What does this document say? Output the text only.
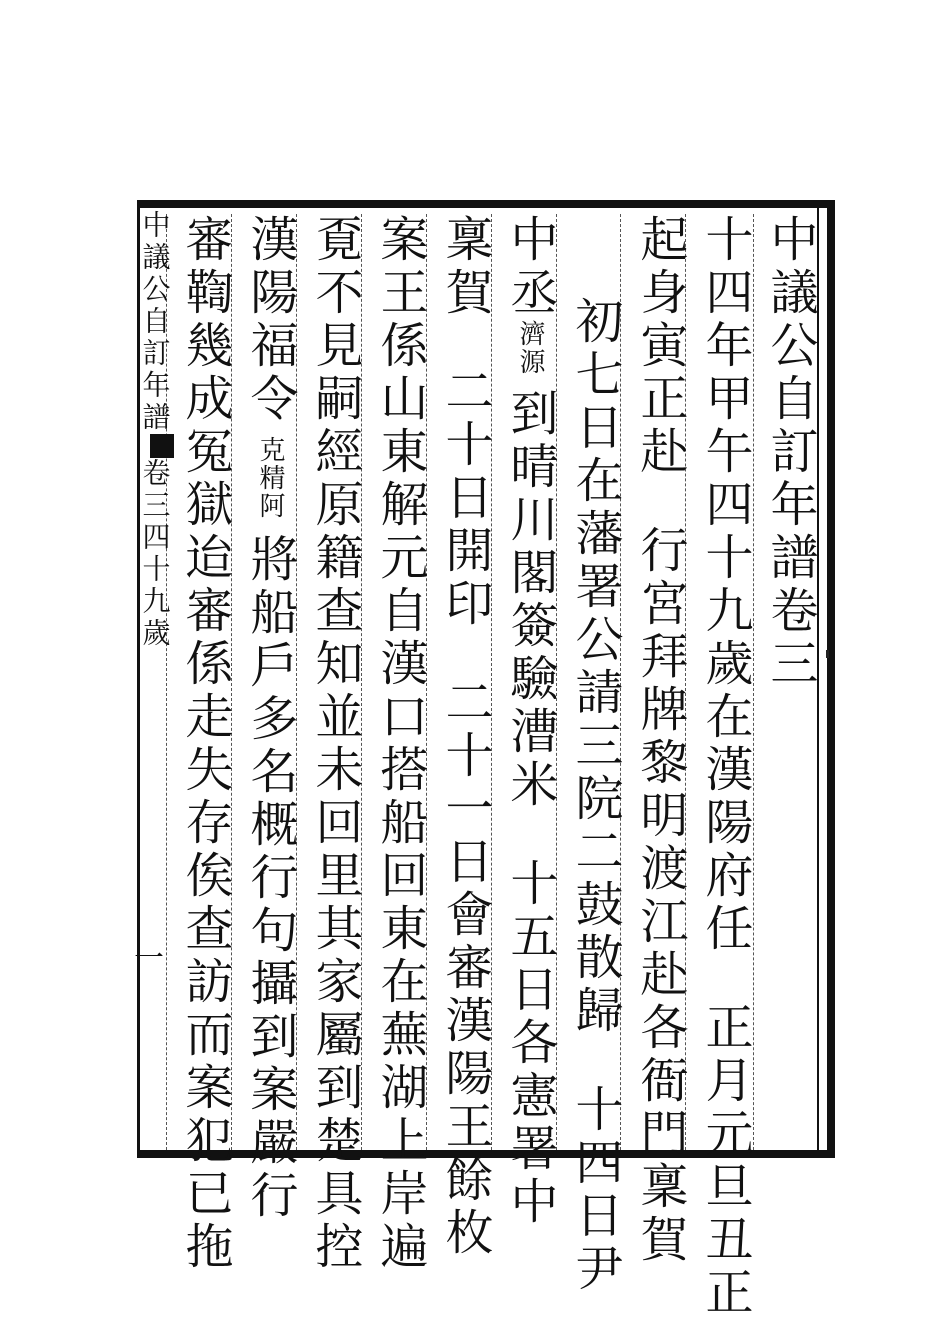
中議公自訂年譜卷三
十四年甲午四十九歲在漢陽府任正月元旦丑正
起身寅正赴行宮拜牌黎明渡江赴各衙門稟賀
初七日在藩署公請三院二鼓散歸十四日尹
中丞濟源到晴川閣簽驗漕米十五日各憲署中
稟賀二十日開印二十一日會審漢陽王餘枚
案王係山東解元自漢口搭船回東在蕪湖上岸遍
覔不見嗣經原籍查知並未回里其家屬到楚具控
漢陽福令克精阿將船戶多名概行句攝到案嚴行
審鞫幾成冤獄迨審係走失存俟查訪而案犯已拖
中議公自訂年譜卷三四十九歲
一
